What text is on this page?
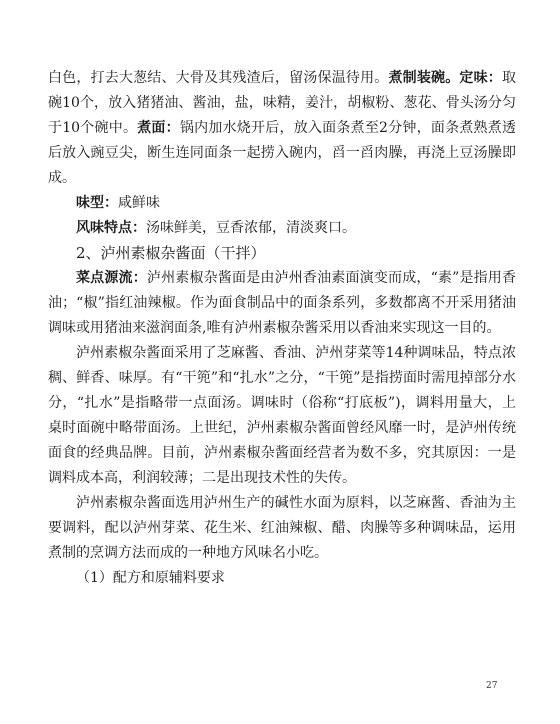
白色，打去大葱结、大骨及其残渣后，留汤保温待用。煮制装碗。定味：取碗10个，放入猪猪油、酱油，盐，味精，姜汁，胡椒粉、葱花、骨头汤分匀于10个碗中。煮面：锅内加水烧开后，放入面条煮至2分钟，面条煮熟煮透后放入豌豆尖，断生连同面条一起捞入碗内，舀一舀肉臊，再浇上豆汤臊即成。

味型：咸鲜味

风味特点：汤味鲜美，豆香浓郁，清淡爽口。

2、泸州素椒杂酱面（干拌）

菜点源流：泸州素椒杂酱面是由泸州香油素面演变而成，“素”是指用香油；“椒”指红油辣椒。作为面食制品中的面条系列，多数都离不开采用猪油调味或用猪油来滋润面条,唯有泸州素椒杂酱采用以香油来实现这一目的。

泸州素椒杂酱面采用了芝麻酱、香油、泸州芽菜等14种调味品，特点浓稠、鲜香、味厚。有“干篼”和“扎水”之分，“干篼”是指捞面时需甩掉部分水分，“扎水”是指略带一点面汤。调味时（俗称“打底板”)，调料用量大，上桌时面碗中略带面汤。上世纪，泸州素椒杂酱面曾经风靡一时，是泸州传统面食的经典品牌。目前，泸州素椒杂酱面经营者为数不多，究其原因：一是调料成本高，利润较薄；二是出现技术性的失传。

泸州素椒杂酱面选用泸州生产的碱性水面为原料，以芝麻酱、香油为主要调料，配以泸州芽菜、花生米、红油辣椒、醋、肉臊等多种调味品，运用煮制的烹调方法而成的一种地方风味名小吃。

（1）配方和原辅料要求

27
